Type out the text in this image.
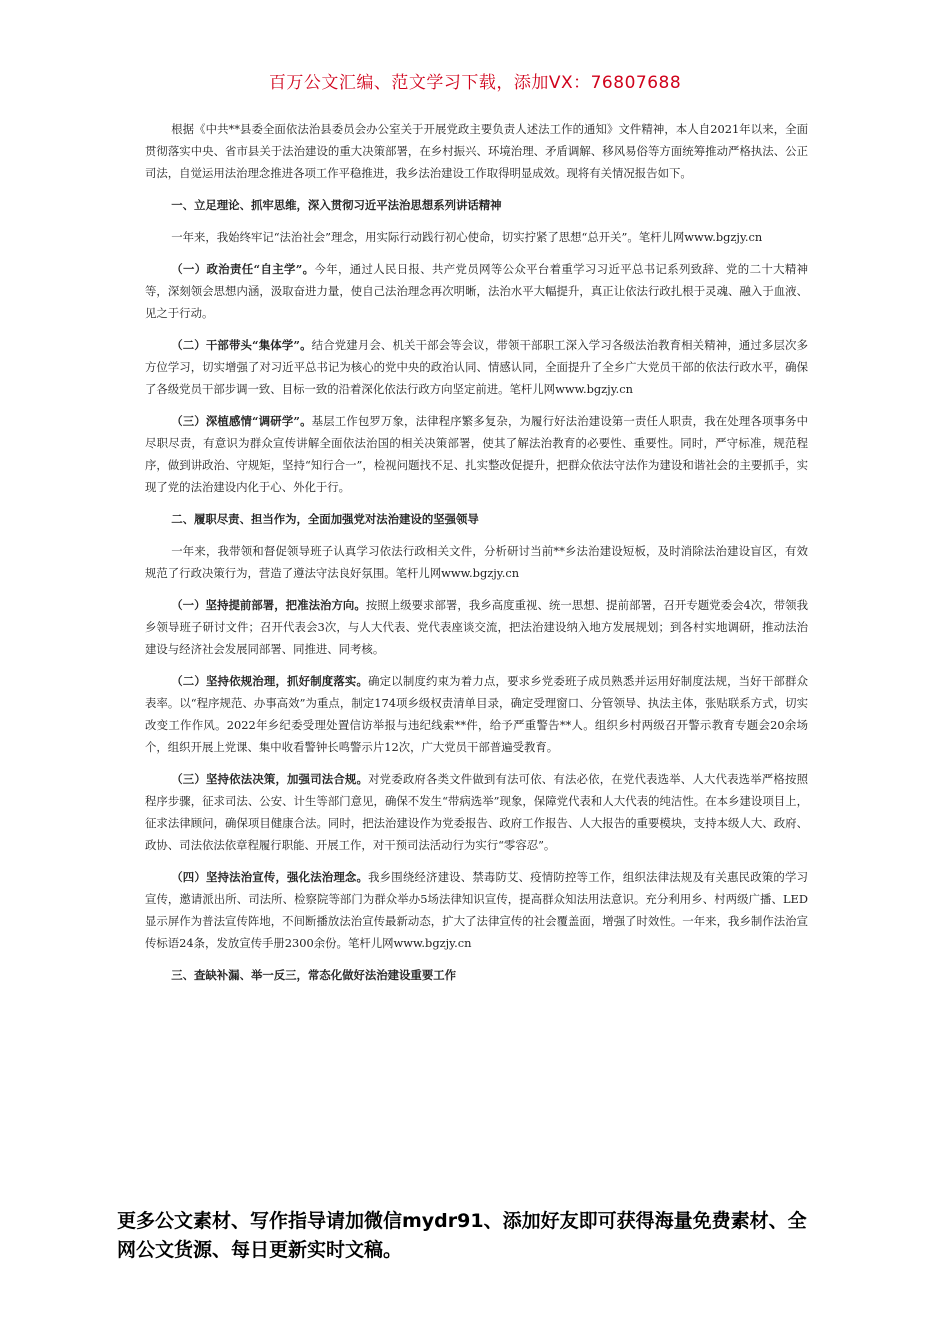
百万公文汇编、范文学习下载，添加VX：76807688

根据《中共**县委全面依法治县委员会办公室关于开展党政主要负责人述法工作的通知》文件精神，本人自2021年以来，全面贯彻落实中央、省市县关于法治建设的重大决策部署，在乡村振兴、环境治理、矛盾调解、移风易俗等方面统筹推动严格执法、公正司法，自觉运用法治理念推进各项工作平稳推进，我乡法治建设工作取得明显成效。现将有关情况报告如下。

一、立足理论、抓牢思维，深入贯彻习近平法治思想系列讲话精神

一年来，我始终牢记“法治社会”理念，用实际行动践行初心使命，切实拧紧了思想“总开关”。笔杆儿网www.bgzjy.cn

（一）政治责任“自主学”。今年，通过人民日报、共产党员网等公众平台着重学习习近平总书记系列致辞、党的二十大精神等，深刻领会思想内涵，汲取奋进力量，使自己法治理念再次明晰，法治水平大幅提升，真正让依法行政扎根于灵魂、融入于血液、见之于行动。

（二）干部带头“集体学”。结合党建月会、机关干部会等会议，带领干部职工深入学习各级法治教育相关精神，通过多层次多方位学习，切实增强了对习近平总书记为核心的党中央的政治认同、情感认同，全面提升了全乡广大党员干部的依法行政水平，确保了各级党员干部步调一致、目标一致的沿着深化依法行政方向坚定前进。笔杆儿网www.bgzjy.cn

（三）深植感情“调研学”。基层工作包罗万象，法律程序繁多复杂，为履行好法治建设第一责任人职责，我在处理各项事务中尽职尽责，有意识为群众宣传讲解全面依法治国的相关决策部署，使其了解法治教育的必要性、重要性。同时，严守标准，规范程序，做到讲政治、守规矩，坚持“知行合一”，检视问题找不足、扎实整改促提升，把群众依法守法作为建设和谐社会的主要抓手，实现了党的法治建设内化于心、外化于行。

二、履职尽责、担当作为，全面加强党对法治建设的坚强领导

一年来，我带领和督促领导班子认真学习依法行政相关文件，分析研讨当前**乡法治建设短板，及时消除法治建设盲区，有效规范了行政决策行为，营造了遵法守法良好氛围。笔杆儿网www.bgzjy.cn

（一）坚持提前部署，把准法治方向。按照上级要求部署，我乡高度重视、统一思想、提前部署，召开专题党委会4次，带领我乡领导班子研讨文件；召开代表会3次，与人大代表、党代表座谈交流，把法治建设纳入地方发展规划；到各村实地调研，推动法治建设与经济社会发展同部署、同推进、同考核。

（二）坚持依规治理，抓好制度落实。确定以制度约束为着力点，要求乡党委班子成员熟悉并运用好制度法规，当好干部群众表率。以“程序规范、办事高效”为重点，制定174项乡级权责清单目录，确定受理窗口、分管领导、执法主体，张贴联系方式，切实改变工作作风。2022年乡纪委受理处置信访举报与违纪线索**件，给予严重警告**人。组织乡村两级召开警示教育专题会20余场个，组织开展上党课、集中收看警钟长鸣警示片12次，广大党员干部普遍受教育。

（三）坚持依法决策，加强司法合规。对党委政府各类文件做到有法可依、有法必依，在党代表选举、人大代表选举严格按照程序步骤，征求司法、公安、计生等部门意见，确保不发生“带病选举”现象，保障党代表和人大代表的纯洁性。在本乡建设项目上，征求法律顾问，确保项目健康合法。同时，把法治建设作为党委报告、政府工作报告、人大报告的重要模块，支持本级人大、政府、政协、司法依法依章程履行职能、开展工作，对干预司法活动行为实行“零容忍”。

（四）坚持法治宣传，强化法治理念。我乡围绕经济建设、禁毒防艾、疫情防控等工作，组织法律法规及有关惠民政策的学习宣传，邀请派出所、司法所、检察院等部门为群众举办5场法律知识宣传，提高群众知法用法意识。充分利用乡、村两级广播、LED显示屏作为普法宣传阵地，不间断播放法治宣传最新动态，扩大了法律宣传的社会覆盖面，增强了时效性。一年来，我乡制作法治宣传标语24条，发放宣传手册2300余份。笔杆儿网www.bgzjy.cn

三、查缺补漏、举一反三，常态化做好法治建设重要工作

更多公文素材、写作指导请加微信mydr91、添加好友即可获得海量免费素材、全网公文货源、每日更新实时文稿。
